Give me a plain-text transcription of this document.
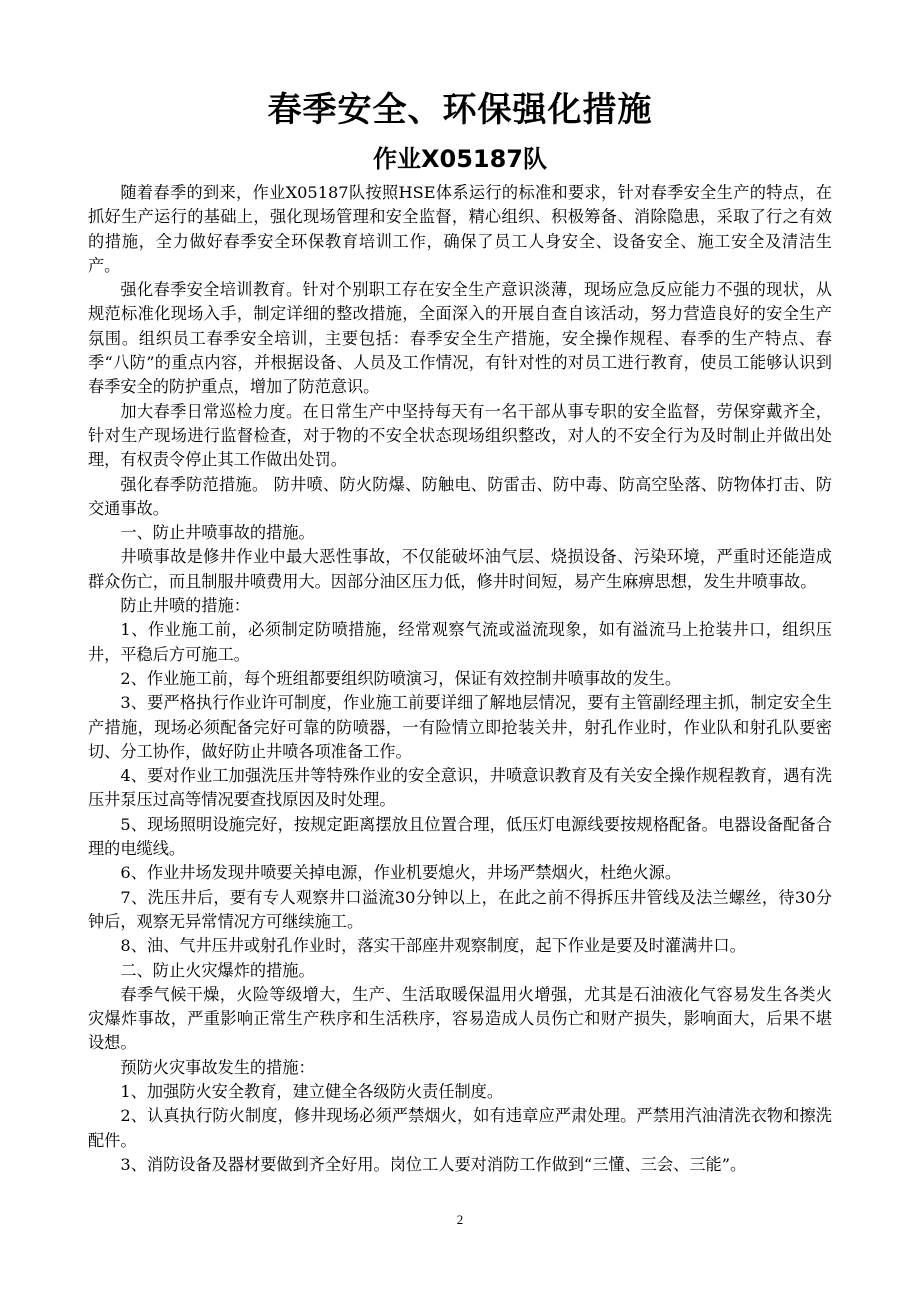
春季安全、环保强化措施
作业X05187队

随着春季的到来，作业X05187队按照HSE体系运行的标准和要求，针对春季安全生产的特点，在抓好生产运行的基础上，强化现场管理和安全监督，精心组织、积极筹备、消除隐患，采取了行之有效的措施，全力做好春季安全环保教育培训工作，确保了员工人身安全、设备安全、施工安全及清洁生产。

强化春季安全培训教育。针对个别职工存在安全生产意识淡薄，现场应急反应能力不强的现状，从规范标准化现场入手，制定详细的整改措施，全面深入的开展自查自该活动，努力营造良好的安全生产氛围。组织员工春季安全培训，主要包括：春季安全生产措施，安全操作规程、春季的生产特点、春季“八防”的重点内容，并根据设备、人员及工作情况，有针对性的对员工进行教育，使员工能够认识到春季安全的防护重点，增加了防范意识。

加大春季日常巡检力度。在日常生产中坚持每天有一名干部从事专职的安全监督，劳保穿戴齐全，针对生产现场进行监督检查，对于物的不安全状态现场组织整改，对人的不安全行为及时制止并做出处理，有权责令停止其工作做出处罚。

强化春季防范措施。 防井喷、防火防爆、防触电、防雷击、防中毒、防高空坠落、防物体打击、防交通事故。

一、防止井喷事故的措施。

井喷事故是修井作业中最大恶性事故，不仅能破坏油气层、烧损设备、污染环境，严重时还能造成群众伤亡，而且制服井喷费用大。因部分油区压力低，修井时间短，易产生麻痹思想，发生井喷事故。

防止井喷的措施：

1、作业施工前，必须制定防喷措施，经常观察气流或溢流现象，如有溢流马上抢装井口，组织压井，平稳后方可施工。

2、作业施工前，每个班组都要组织防喷演习，保证有效控制井喷事故的发生。

3、要严格执行作业许可制度，作业施工前要详细了解地层情况，要有主管副经理主抓，制定安全生产措施，现场必须配备完好可靠的防喷器，一有险情立即抢装关井，射孔作业时，作业队和射孔队要密切、分工协作，做好防止井喷各项准备工作。

4、要对作业工加强洗压井等特殊作业的安全意识，井喷意识教育及有关安全操作规程教育，遇有洗压井泵压过高等情况要查找原因及时处理。

5、现场照明设施完好，按规定距离摆放且位置合理，低压灯电源线要按规格配备。电器设备配备合理的电缆线。

6、作业井场发现井喷要关掉电源，作业机要熄火，井场严禁烟火，杜绝火源。

7、洗压井后，要有专人观察井口溢流30分钟以上，在此之前不得拆压井管线及法兰螺丝，待30分钟后，观察无异常情况方可继续施工。

8、油、气井压井或射孔作业时，落实干部座井观察制度，起下作业是要及时灌满井口。

二、防止火灾爆炸的措施。

春季气候干燥，火险等级增大，生产、生活取暖保温用火增强，尤其是石油液化气容易发生各类火灾爆炸事故，严重影响正常生产秩序和生活秩序，容易造成人员伤亡和财产损失，影响面大，后果不堪设想。

预防火灾事故发生的措施：

1、加强防火安全教育，建立健全各级防火责任制度。

2、认真执行防火制度，修井现场必须严禁烟火，如有违章应严肃处理。严禁用汽油清洗衣物和擦洗配件。

3、消防设备及器材要做到齐全好用。岗位工人要对消防工作做到“三懂、三会、三能”。

2
